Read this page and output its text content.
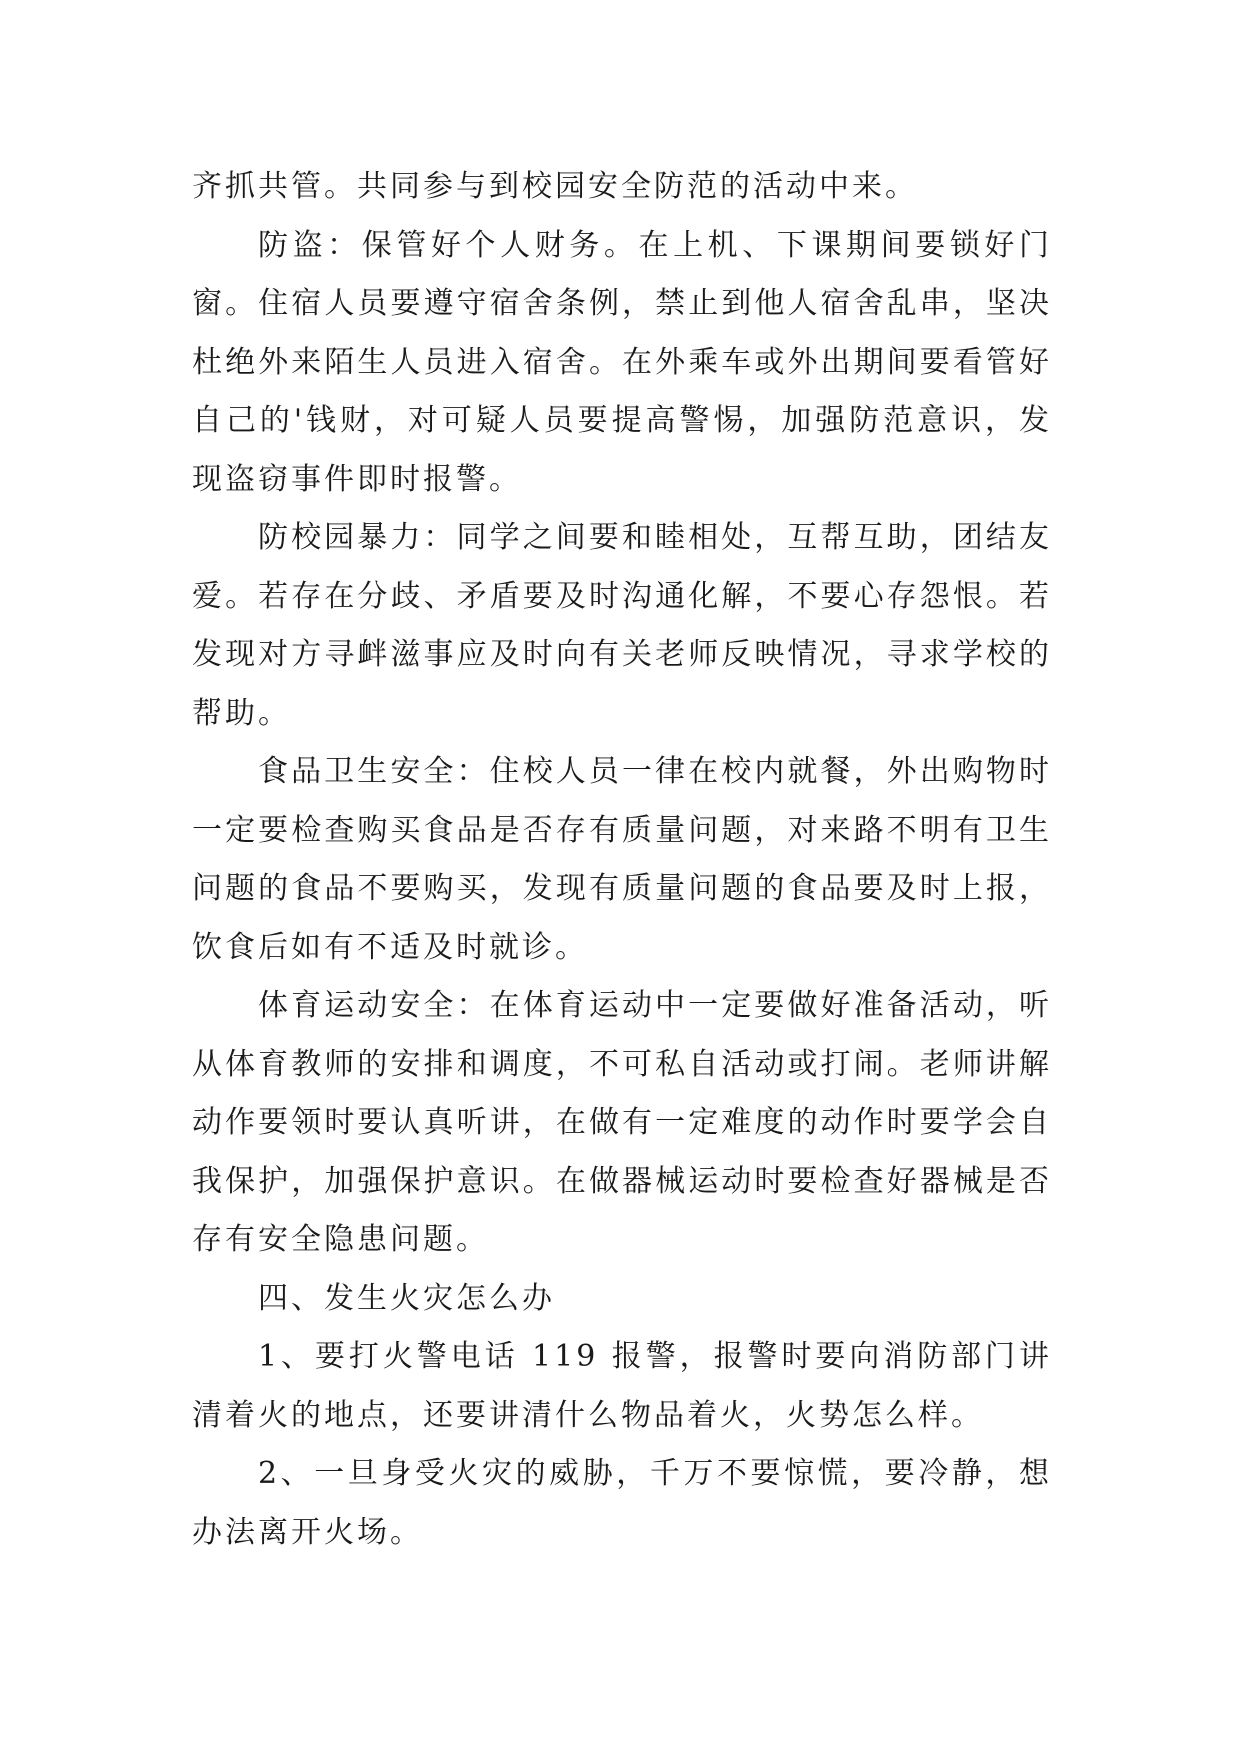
齐抓共管。共同参与到校园安全防范的活动中来。

防盗：保管好个人财务。在上机、下课期间要锁好门窗。住宿人员要遵守宿舍条例，禁止到他人宿舍乱串，坚决杜绝外来陌生人员进入宿舍。在外乘车或外出期间要看管好自己的'钱财，对可疑人员要提高警惕，加强防范意识，发现盗窃事件即时报警。

防校园暴力：同学之间要和睦相处，互帮互助，团结友爱。若存在分歧、矛盾要及时沟通化解，不要心存怨恨。若发现对方寻衅滋事应及时向有关老师反映情况，寻求学校的帮助。

食品卫生安全：住校人员一律在校内就餐，外出购物时一定要检查购买食品是否存有质量问题，对来路不明有卫生问题的食品不要购买，发现有质量问题的食品要及时上报，饮食后如有不适及时就诊。

体育运动安全：在体育运动中一定要做好准备活动，听从体育教师的安排和调度，不可私自活动或打闹。老师讲解动作要领时要认真听讲，在做有一定难度的动作时要学会自我保护，加强保护意识。在做器械运动时要检查好器械是否存有安全隐患问题。

四、发生火灾怎么办

1、要打火警电话 119 报警，报警时要向消防部门讲清着火的地点，还要讲清什么物品着火，火势怎么样。

2、一旦身受火灾的威胁，千万不要惊慌，要冷静，想办法离开火场。
